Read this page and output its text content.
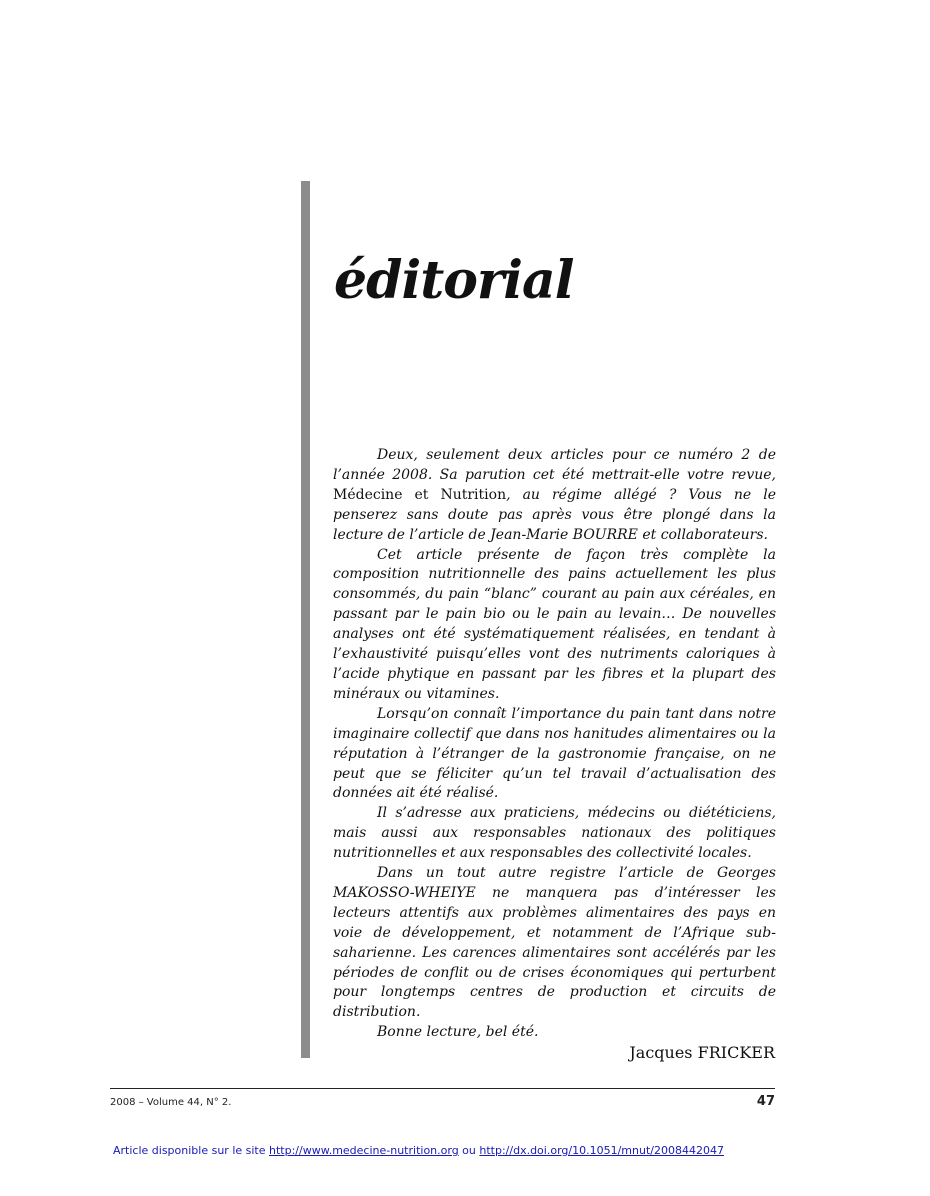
éditorial

Deux, seulement deux articles pour ce numéro 2 de l’année 2008. Sa parution cet été mettrait-elle votre revue, Médecine et Nutrition, au régime allégé ? Vous ne le penserez sans doute pas après vous être plongé dans la lecture de l’article de Jean-Marie BOURRE et collaborateurs.

Cet article présente de façon très complète la composition nutritionnelle des pains actuellement les plus consommés, du pain “blanc” courant au pain aux céréales, en passant par le pain bio ou le pain au levain… De nouvelles analyses ont été systématiquement réalisées, en tendant à l’exhaustivité puisqu’elles vont des nutriments caloriques à l’acide phytique en passant par les fibres et la plupart des minéraux ou vitamines.

Lorsqu’on connaît l’importance du pain tant dans notre imaginaire collectif que dans nos hanitudes alimentaires ou la réputation à l’étranger de la gastronomie française, on ne peut que se féliciter qu’un tel travail d’actualisation des données ait été réalisé.

Il s’adresse aux praticiens, médecins ou diététiciens, mais aussi aux responsables nationaux des politiques nutritionnelles et aux responsables des collectivité locales.

Dans un tout autre registre l’article de Georges MAKOSSO-WHEIYE ne manquera pas d’intéresser les lecteurs attentifs aux problèmes alimentaires des pays en voie de développement, et notamment de l’Afrique sub-saharienne. Les carences alimentaires sont accélérés par les périodes de conflit ou de crises économiques qui perturbent pour longtemps centres de production et circuits de distribution.

Bonne lecture, bel été.

Jacques FRICKER
2008 – Volume 44, N° 2.	47
Article disponible sur le site http://www.medecine-nutrition.org ou http://dx.doi.org/10.1051/mnut/2008442047
